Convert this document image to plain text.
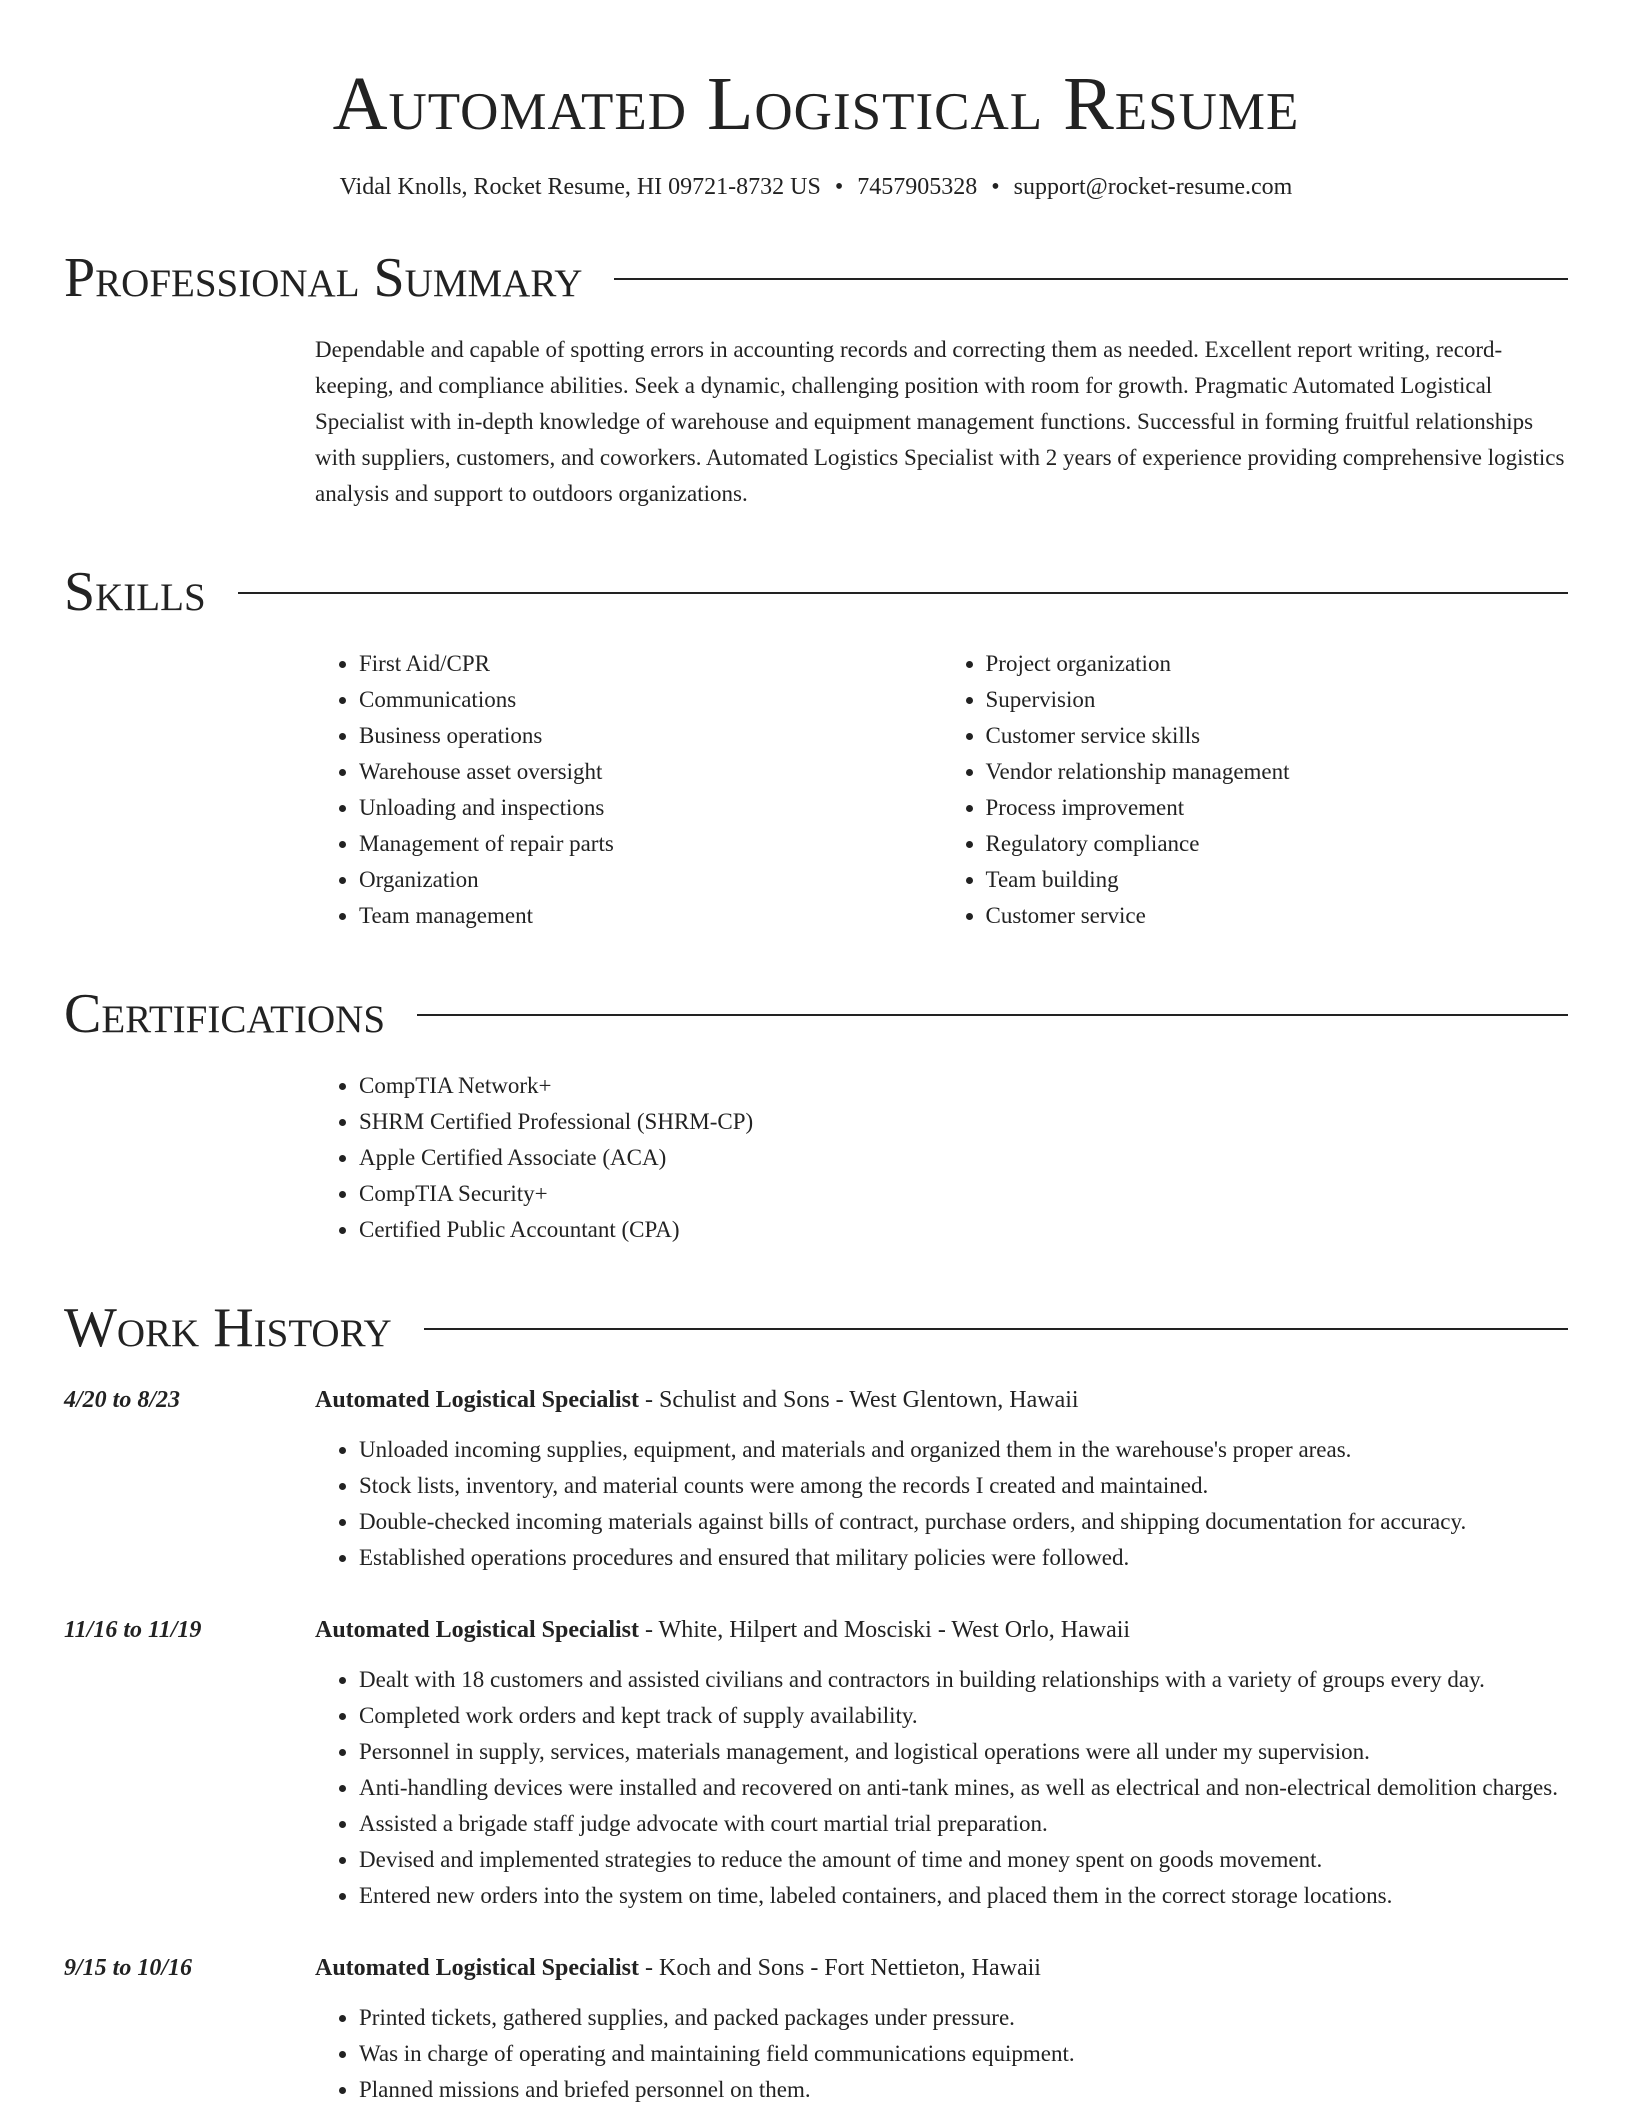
Automated Logistical Resume
Vidal Knolls, Rocket Resume, HI 09721-8732 US • 7457905328 • support@rocket-resume.com
Professional Summary

Dependable and capable of spotting errors in accounting records and correcting them as needed. Excellent report writing, record-keeping, and compliance abilities. Seek a dynamic, challenging position with room for growth. Pragmatic Automated Logistical Specialist with in-depth knowledge of warehouse and equipment management functions. Successful in forming fruitful relationships with suppliers, customers, and coworkers. Automated Logistics Specialist with 2 years of experience providing comprehensive logistics analysis and support to outdoors organizations.

Skills
• First Aid/CPR
• Communications
• Business operations
• Warehouse asset oversight
• Unloading and inspections
• Management of repair parts
• Organization
• Team management
• Project organization
• Supervision
• Customer service skills
• Vendor relationship management
• Process improvement
• Regulatory compliance
• Team building
• Customer service
Certifications
• CompTIA Network+
• SHRM Certified Professional (SHRM-CP)
• Apple Certified Associate (ACA)
• CompTIA Security+
• Certified Public Accountant (CPA)
Work History
4/20 to 8/23	Automated Logistical Specialist - Schulist and Sons - West Glentown, Hawaii
• Unloaded incoming supplies, equipment, and materials and organized them in the warehouse's proper areas.
• Stock lists, inventory, and material counts were among the records I created and maintained.
• Double-checked incoming materials against bills of contract, purchase orders, and shipping documentation for accuracy.
• Established operations procedures and ensured that military policies were followed.
11/16 to 11/19	Automated Logistical Specialist - White, Hilpert and Mosciski - West Orlo, Hawaii
• Dealt with 18 customers and assisted civilians and contractors in building relationships with a variety of groups every day.
• Completed work orders and kept track of supply availability.
• Personnel in supply, services, materials management, and logistical operations were all under my supervision.
• Anti-handling devices were installed and recovered on anti-tank mines, as well as electrical and non-electrical demolition charges.
• Assisted a brigade staff judge advocate with court martial trial preparation.
• Devised and implemented strategies to reduce the amount of time and money spent on goods movement.
• Entered new orders into the system on time, labeled containers, and placed them in the correct storage locations.
9/15 to 10/16	Automated Logistical Specialist - Koch and Sons - Fort Nettieton, Hawaii
• Printed tickets, gathered supplies, and packed packages under pressure.
• Was in charge of operating and maintaining field communications equipment.
• Planned missions and briefed personnel on them.
